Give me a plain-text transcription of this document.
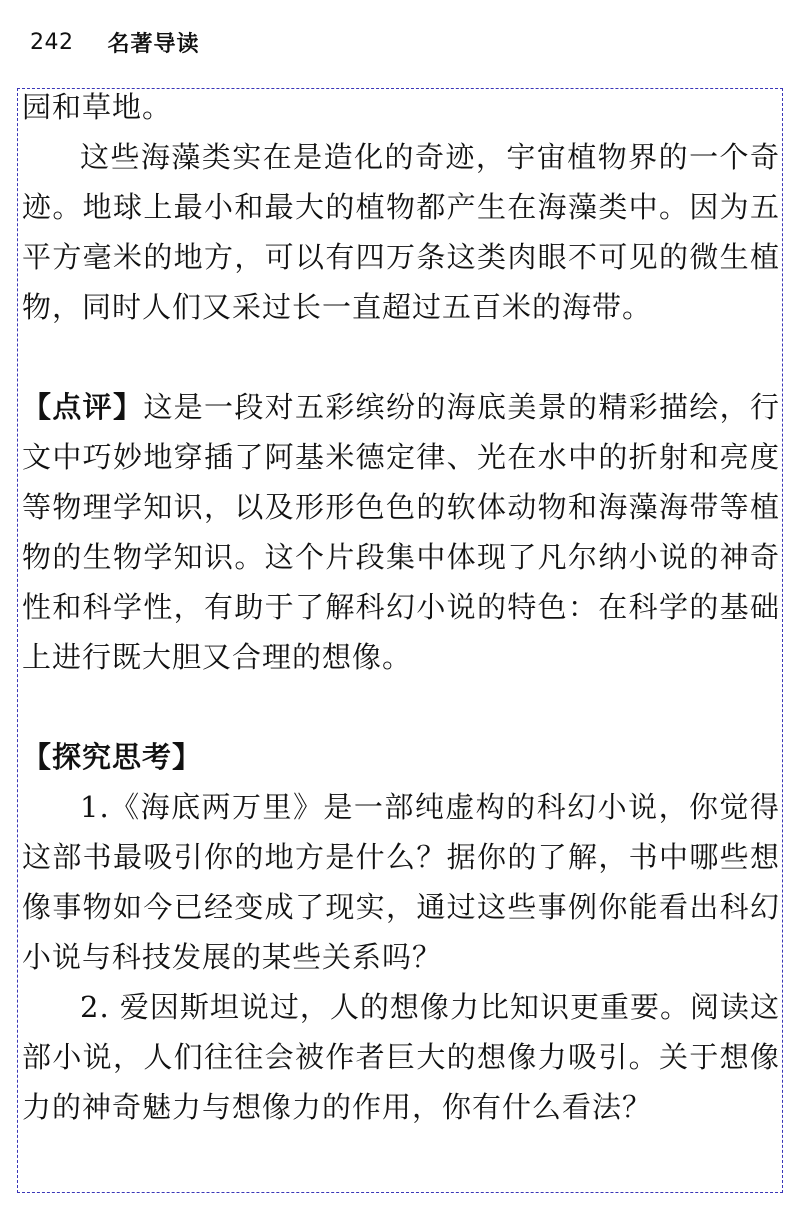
242 名著导读

园和草地。

这些海藻类实在是造化的奇迹，宇宙植物界的一个奇迹。地球上最小和最大的植物都产生在海藻类中。因为五平方毫米的地方，可以有四万条这类肉眼不可见的微生植物，同时人们又采过长一直超过五百米的海带。

【点评】这是一段对五彩缤纷的海底美景的精彩描绘，行文中巧妙地穿插了阿基米德定律、光在水中的折射和亮度等物理学知识，以及形形色色的软体动物和海藻海带等植物的生物学知识。这个片段集中体现了凡尔纳小说的神奇性和科学性，有助于了解科幻小说的特色：在科学的基础上进行既大胆又合理的想像。

【探究思考】

1.《海底两万里》是一部纯虚构的科幻小说，你觉得这部书最吸引你的地方是什么？据你的了解，书中哪些想像事物如今已经变成了现实，通过这些事例你能看出科幻小说与科技发展的某些关系吗？

2. 爱因斯坦说过，人的想像力比知识更重要。阅读这部小说，人们往往会被作者巨大的想像力吸引。关于想像力的神奇魅力与想像力的作用，你有什么看法？
